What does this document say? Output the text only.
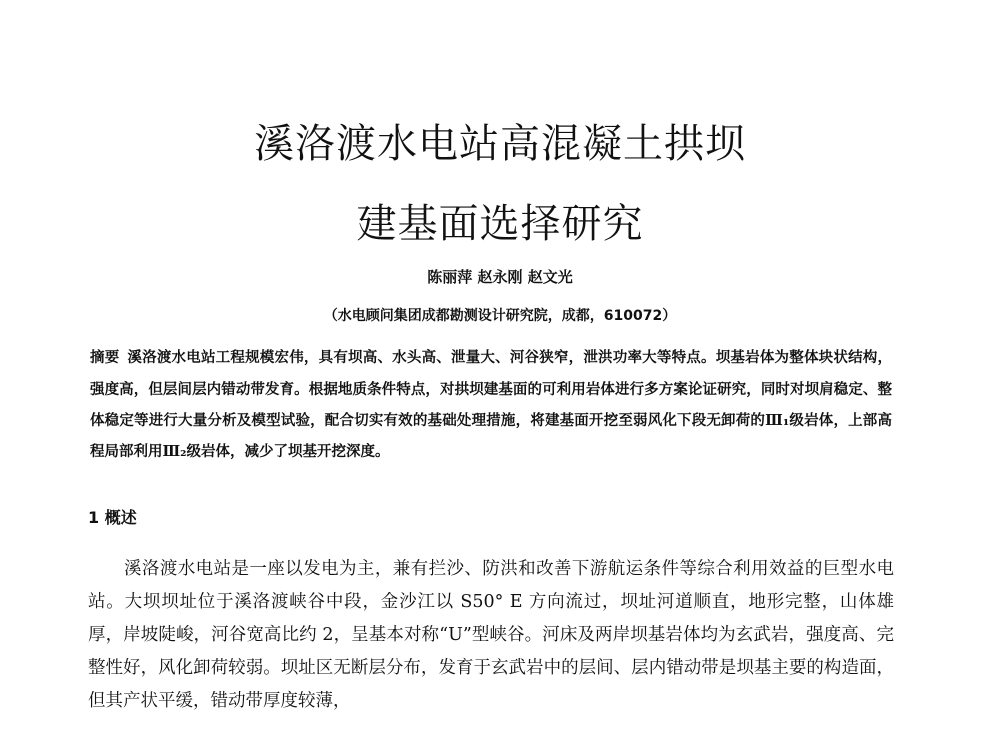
溪洛渡水电站高混凝土拱坝
建基面选择研究
陈丽萍 赵永刚 赵文光
（水电顾问集团成都勘测设计研究院，成都，610072）
摘要 溪洛渡水电站工程规模宏伟，具有坝高、水头高、泄量大、河谷狭窄，泄洪功率大等特点。坝基岩体为整体块状结构，强度高，但层间层内错动带发育。根据地质条件特点，对拱坝建基面的可利用岩体进行多方案论证研究，同时对坝肩稳定、整体稳定等进行大量分析及模型试验，配合切实有效的基础处理措施，将建基面开挖至弱风化下段无卸荷的Ⅲ₁级岩体，上部高程局部利用Ⅲ₂级岩体，减少了坝基开挖深度。
1 概述

溪洛渡水电站是一座以发电为主，兼有拦沙、防洪和改善下游航运条件等综合利用效益的巨型水电站。大坝坝址位于溪洛渡峡谷中段，金沙江以 S50° E 方向流过，坝址河道顺直，地形完整，山体雄厚，岸坡陡峻，河谷宽高比约 2，呈基本对称“U”型峡谷。河床及两岸坝基岩体均为玄武岩，强度高、完整性好，风化卸荷较弱。坝址区无断层分布，发育于玄武岩中的层间、层内错动带是坝基主要的构造面，但其产状平缓，错动带厚度较薄，
